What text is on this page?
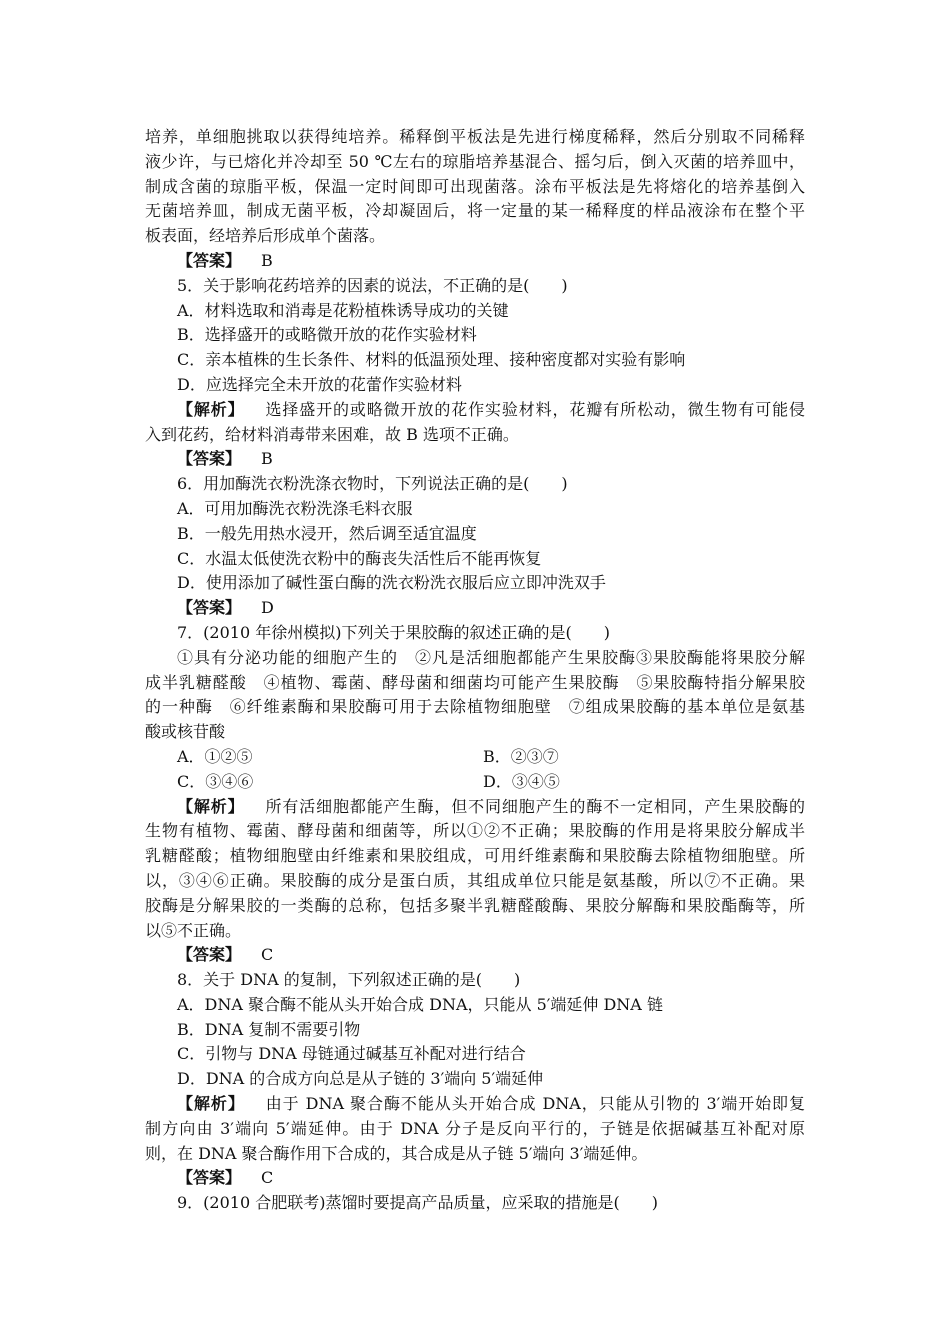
培养，单细胞挑取以获得纯培养。稀释倒平板法是先进行梯度稀释，然后分别取不同稀释
液少许，与已熔化并冷却至 50 ℃左右的琼脂培养基混合、摇匀后，倒入灭菌的培养皿中，
制成含菌的琼脂平板，保温一定时间即可出现菌落。涂布平板法是先将熔化的培养基倒入
无菌培养皿，制成无菌平板，冷却凝固后，将一定量的某一稀释度的样品液涂布在整个平
板表面，经培养后形成单个菌落。
【答案】 B
5．关于影响花药培养的因素的说法，不正确的是(　　)
A．材料选取和消毒是花粉植株诱导成功的关键
B．选择盛开的或略微开放的花作实验材料
C．亲本植株的生长条件、材料的低温预处理、接种密度都对实验有影响
D．应选择完全未开放的花蕾作实验材料
【解析】 选择盛开的或略微开放的花作实验材料，花瓣有所松动，微生物有可能侵
入到花药，给材料消毒带来困难，故 B 选项不正确。
【答案】 B
6．用加酶洗衣粉洗涤衣物时，下列说法正确的是(　　)
A．可用加酶洗衣粉洗涤毛料衣服
B．一般先用热水浸开，然后调至适宜温度
C．水温太低使洗衣粉中的酶丧失活性后不能再恢复
D．使用添加了碱性蛋白酶的洗衣粉洗衣服后应立即冲洗双手
【答案】 D
7．(2010 年徐州模拟)下列关于果胶酶的叙述正确的是(　　)
①具有分泌功能的细胞产生的　②凡是活细胞都能产生果胶酶③果胶酶能将果胶分解
成半乳糖醛酸　④植物、霉菌、酵母菌和细菌均可能产生果胶酶　⑤果胶酶特指分解果胶
的一种酶　⑥纤维素酶和果胶酶可用于去除植物细胞壁　⑦组成果胶酶的基本单位是氨基
酸或核苷酸
A．①②⑤	B．②③⑦
C．③④⑥	D．③④⑤
【解析】 所有活细胞都能产生酶，但不同细胞产生的酶不一定相同，产生果胶酶的
生物有植物、霉菌、酵母菌和细菌等，所以①②不正确；果胶酶的作用是将果胶分解成半
乳糖醛酸；植物细胞壁由纤维素和果胶组成，可用纤维素酶和果胶酶去除植物细胞壁。所
以，③④⑥正确。果胶酶的成分是蛋白质，其组成单位只能是氨基酸，所以⑦不正确。果
胶酶是分解果胶的一类酶的总称，包括多聚半乳糖醛酸酶、果胶分解酶和果胶酯酶等，所
以⑤不正确。
【答案】 C
8．关于 DNA 的复制，下列叙述正确的是(　　)
A．DNA 聚合酶不能从头开始合成 DNA，只能从 5′端延伸 DNA 链
B．DNA 复制不需要引物
C．引物与 DNA 母链通过碱基互补配对进行结合
D．DNA 的合成方向总是从子链的 3′端向 5′端延伸
【解析】 由于 DNA 聚合酶不能从头开始合成 DNA，只能从引物的 3′端开始即复
制方向由 3′端向 5′端延伸。由于 DNA 分子是反向平行的，子链是依据碱基互补配对原
则，在 DNA 聚合酶作用下合成的，其合成是从子链 5′端向 3′端延伸。
【答案】 C
9．(2010 合肥联考)蒸馏时要提高产品质量，应采取的措施是(　　)
